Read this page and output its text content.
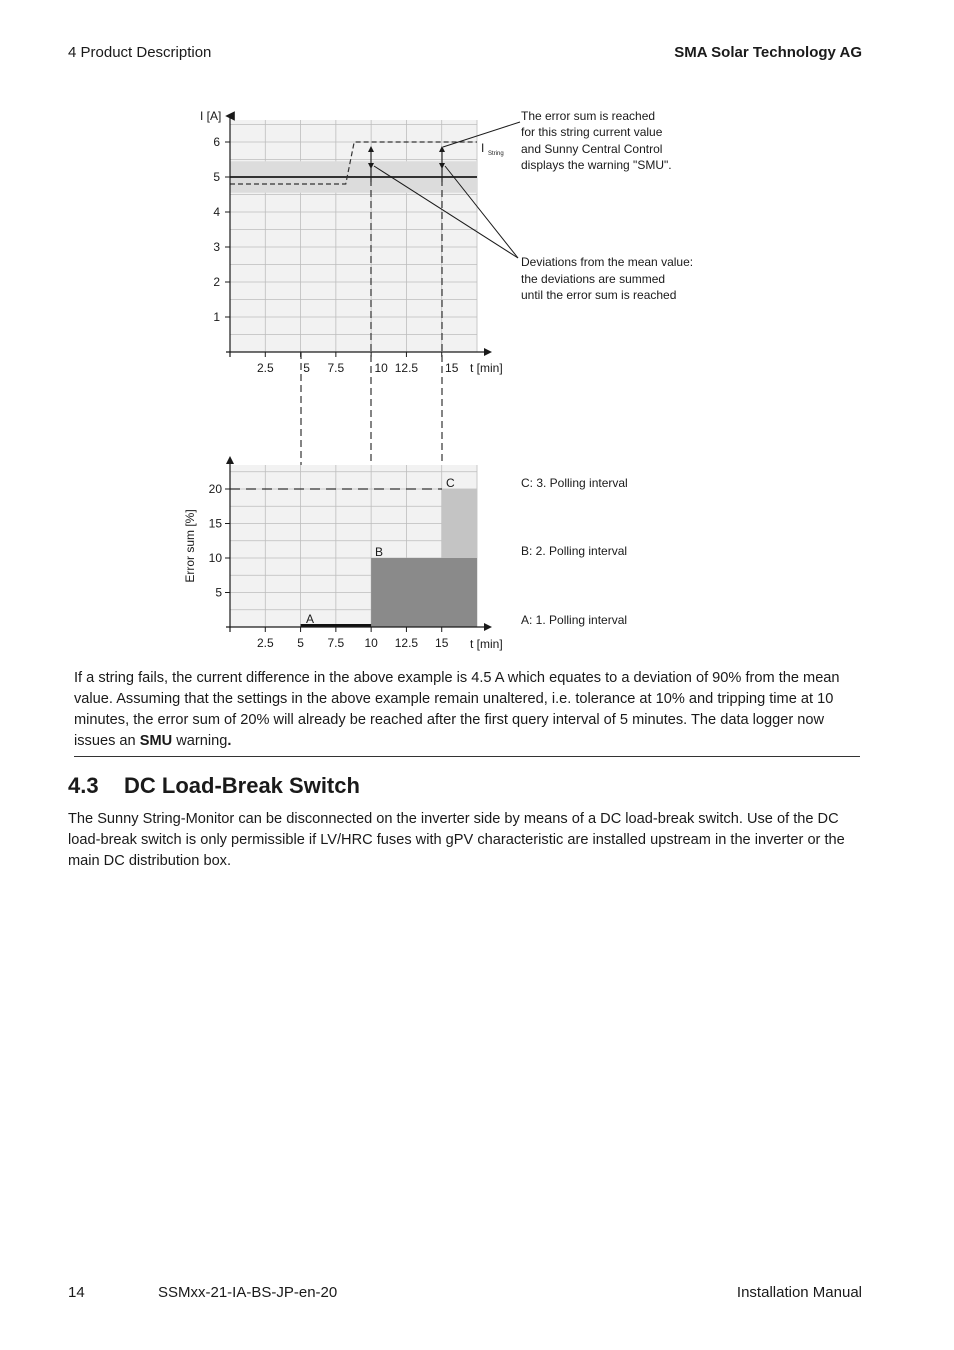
4 Product Description	SMA Solar Technology AG
I [A]
1
2
3
4
5
6
2.5 5 7.5	10 12.5 15 t [min]
I String
The error sum is reached for this string current value and Sunny Central Control displays the warning "SMU".
Deviations from the mean value: the deviations are summed until the error sum is reached
Error sum [%]
5
10
15
20
2.5 5 7.5 10 12.5 15 t [min]
A
B
C	C: 3. Polling interval
B: 2. Polling interval
A: 1. Polling interval
If a string fails, the current difference in the above example is 4.5 A which equates to a deviation of 90% from the mean value. Assuming that the settings in the above example remain unaltered, i.e. tolerance at 10% and tripping time at 10 minutes, the error sum of 20% will already be reached after the first query interval of 5 minutes. The data logger now issues an SMU warning.
4.3 DC Load-Break Switch

The Sunny String-Monitor can be disconnected on the inverter side by means of a DC load-break switch. Use of the DC load-break switch is only permissible if LV/HRC fuses with gPV characteristic are installed upstream in the inverter or the main DC distribution box.

14	SSMxx-21-IA-BS-JP-en-20	Installation Manual
